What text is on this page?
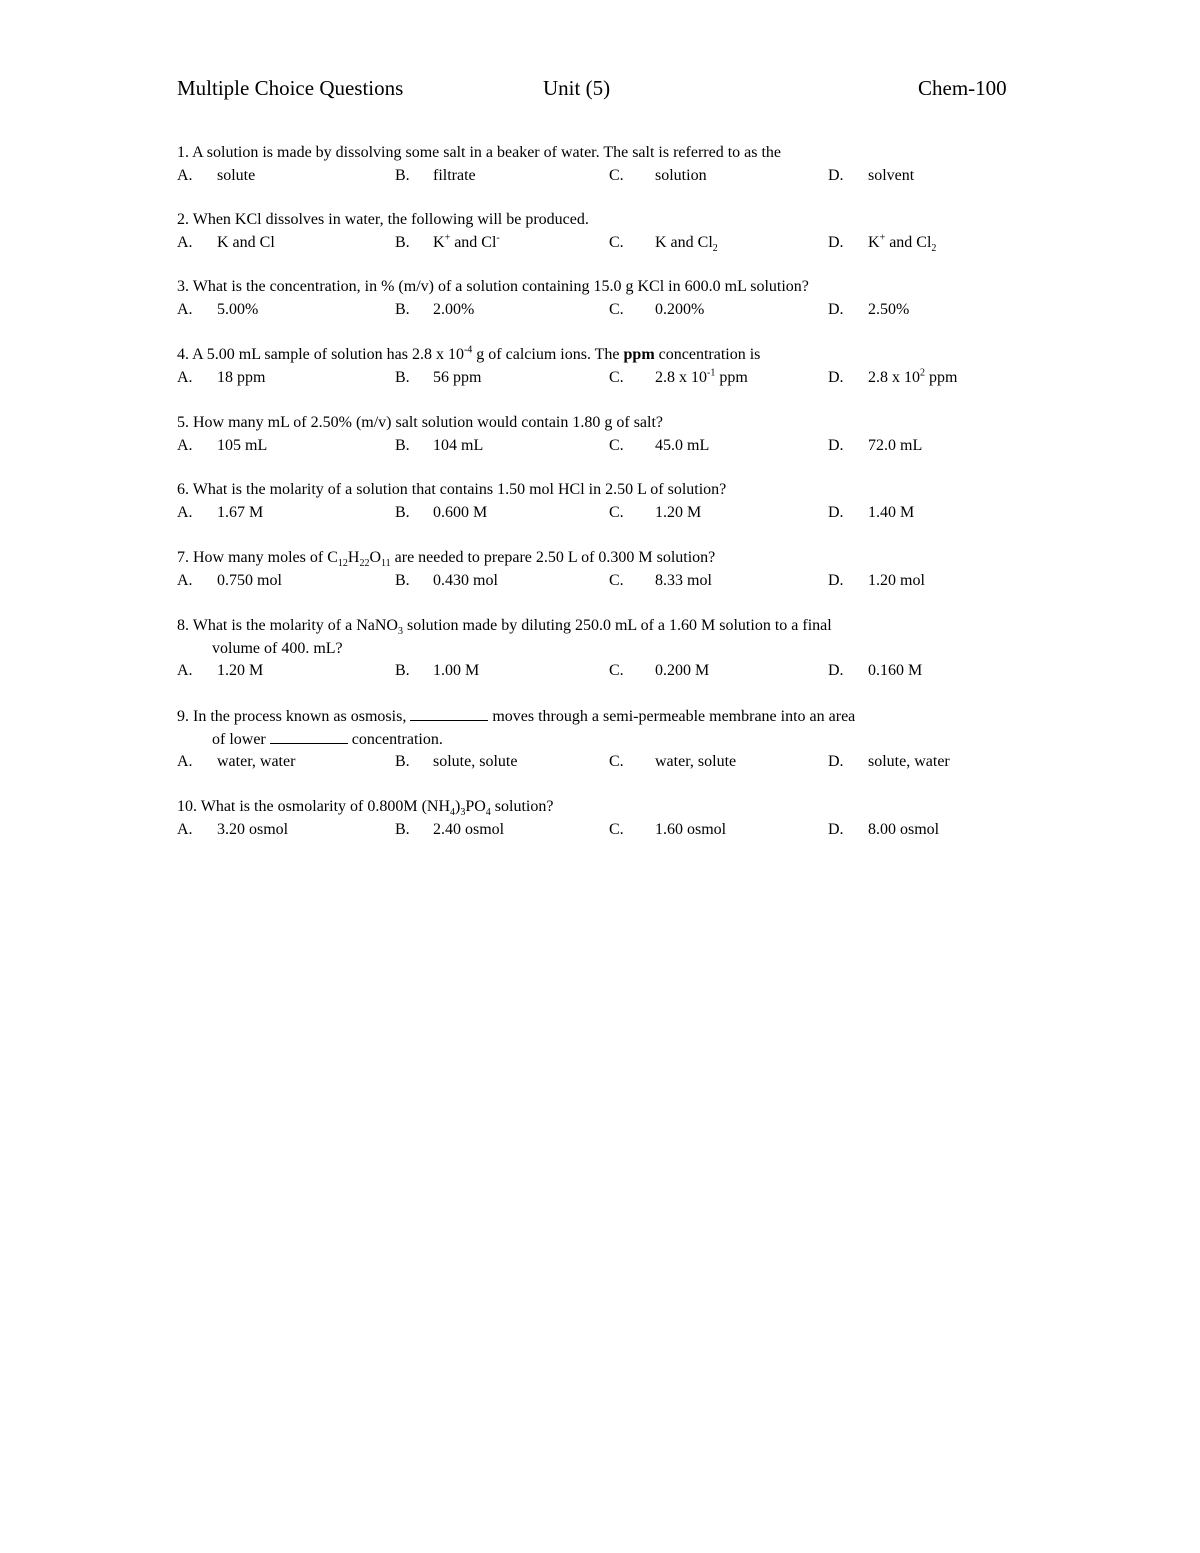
Multiple Choice Questions	Unit (5)	Chem-100
1. A solution is made by dissolving some salt in a beaker of water. The salt is referred to as the
A. solute	B. filtrate	C. solution	D. solvent
2. When KCl dissolves in water, the following will be produced.
A. K and Cl	B. K+ and Cl-	C. K and $Cl_2$	D. K+ and $Cl_2$
3. What is the concentration, in % (m/v) of a solution containing 15.0 g KCl in 600.0 mL solution?
A. 5.00%	B. 2.00%	C. 0.200%	D. 2.50%
4. A 5.00 mL sample of solution has 2.8 x $10^{-4}$ g of calcium ions. The ppm concentration is
A. 18 ppm	B. 56 ppm	C. 2.8 x $10^{-1}$ ppm	D. 2.8 x $10^2$ ppm
5. How many mL of 2.50% (m/v) salt solution would contain 1.80 g of salt?
A. 105 mL	B. 104 mL	C. 45.0 mL	D. 72.0 mL
6. What is the molarity of a solution that contains 1.50 mol HCl in 2.50 L of solution?
A. 1.67 M	B. 0.600 M	C. 1.20 M	D. 1.40 M
7. How many moles of $C_{12}H_{22}O_{11}$ are needed to prepare 2.50 L of 0.300 M solution?
A. 0.750 mol	B. 0.430 mol	C. 8.33 mol	D. 1.20 mol
8. What is the molarity of a NaNO$_3$ solution made by diluting 250.0 mL of a 1.60 M solution to a final
volume of 400. mL?
A. 1.20 M	B. 1.00 M	C. 0.200 M	D. 0.160 M
9. In the process known as osmosis,	moves through a semi-permeable membrane into an area
of lower	concentration.
A. water, water	B. solute, solute	C. water, solute	D. solute, water
10. What is the osmolarity of 0.800M $(NH_4)_3PO_4$ solution?
A. 3.20 osmol	B. 2.40 osmol	C. 1.60 osmol	D. 8.00 osmol
